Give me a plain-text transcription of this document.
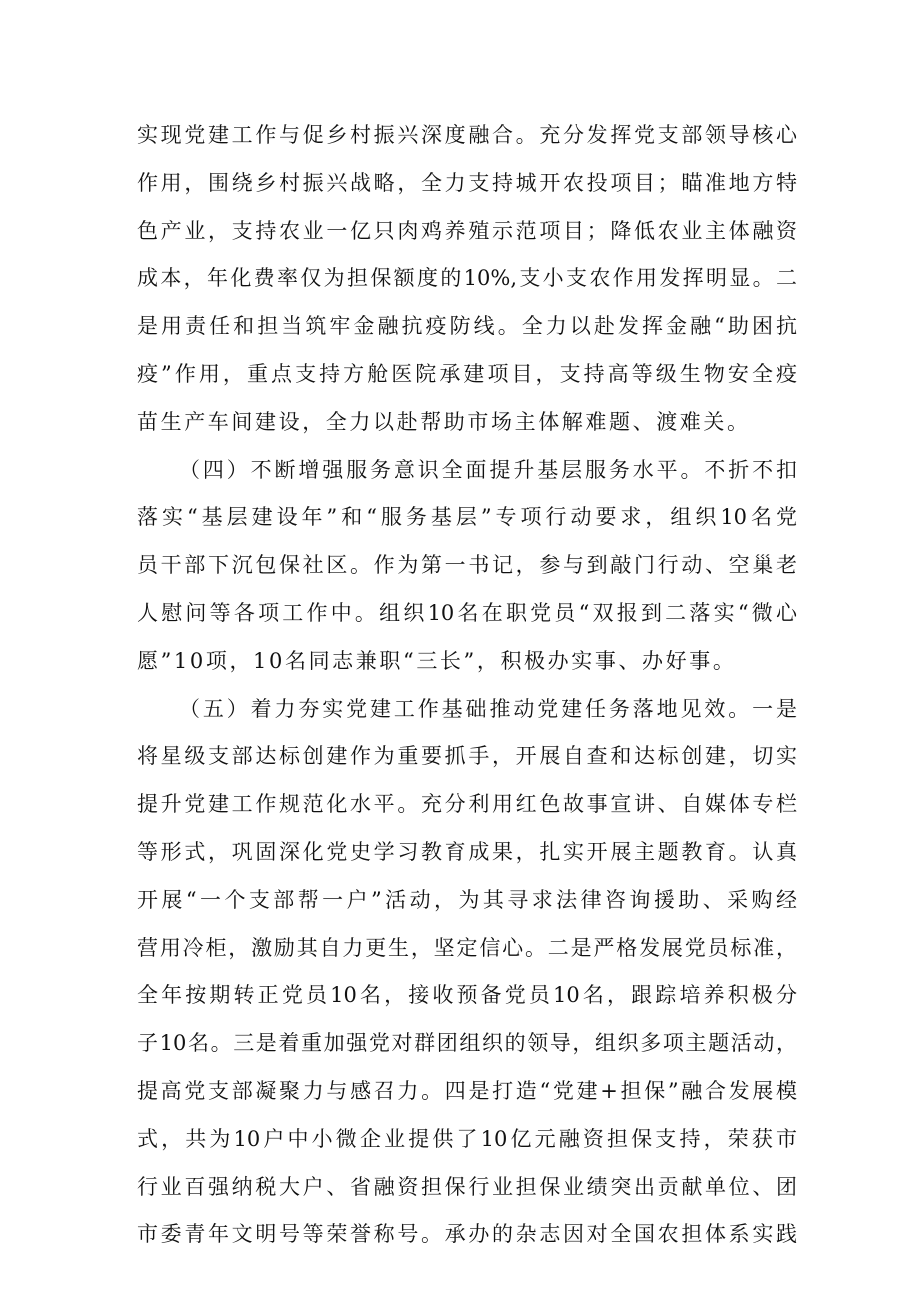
实现党建工作与促乡村振兴深度融合。充分发挥党支部领导核心
作用，围绕乡村振兴战略，全力支持城开农投项目；瞄准地方特
色产业，支持农业一亿只肉鸡养殖示范项目；降低农业主体融资
成本，年化费率仅为担保额度的10%,支小支农作用发挥明显。二
是用责任和担当筑牢金融抗疫防线。全力以赴发挥金融“助困抗
疫”作用，重点支持方舱医院承建项目，支持高等级生物安全疫
苗生产车间建设，全力以赴帮助市场主体解难题、渡难关。
（四）不断增强服务意识全面提升基层服务水平。不折不扣
落实“基层建设年”和“服务基层”专项行动要求，组织10名党
员干部下沉包保社区。作为第一书记，参与到敲门行动、空巢老
人慰问等各项工作中。组织10名在职党员“双报到二落实“微心
愿”10项，10名同志兼职“三长”，积极办实事、办好事。
（五）着力夯实党建工作基础推动党建任务落地见效。一是
将星级支部达标创建作为重要抓手，开展自查和达标创建，切实
提升党建工作规范化水平。充分利用红色故事宣讲、自媒体专栏
等形式，巩固深化党史学习教育成果，扎实开展主题教育。认真
开展“一个支部帮一户”活动，为其寻求法律咨询援助、采购经
营用冷柜，激励其自力更生，坚定信心。二是严格发展党员标准，
全年按期转正党员10名，接收预备党员10名，跟踪培养积极分
子10名。三是着重加强党对群团组织的领导，组织多项主题活动，
提高党支部凝聚力与感召力。四是打造“党建+担保”融合发展模
式，共为10户中小微企业提供了10亿元融资担保支持，荣获市
行业百强纳税大户、省融资担保行业担保业绩突出贡献单位、团
市委青年文明号等荣誉称号。承办的杂志因对全国农担体系实践
